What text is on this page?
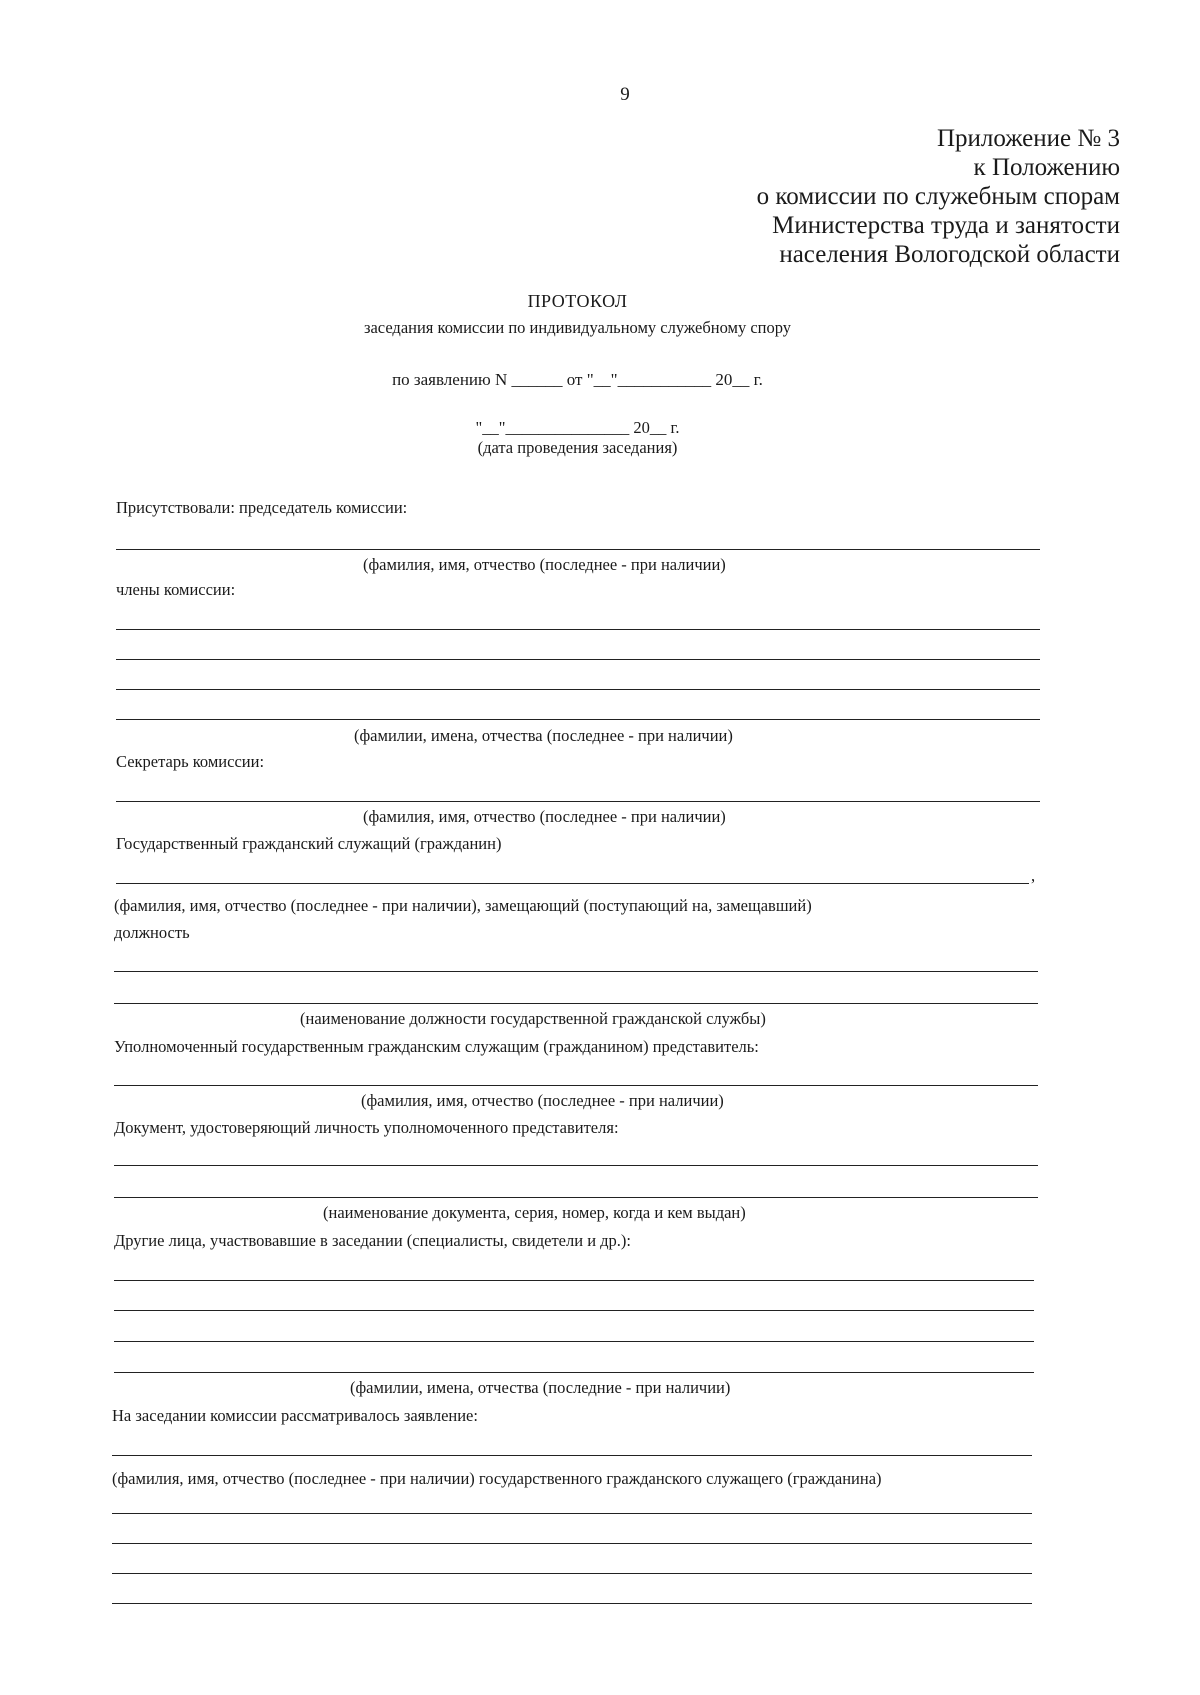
9
Приложение № 3
к Положению
о комиссии по служебным спорам
Министерства труда и занятости
населения Вологодской области
ПРОТОКОЛ
заседания комиссии по индивидуальному служебному спору
по заявлению N ______ от "__"___________ 20__ г.
"__"_______________ 20__ г.
(дата проведения заседания)
Присутствовали: председатель комиссии:
(фамилия, имя, отчество (последнее - при наличии)
члены комиссии:
(фамилии, имена, отчества (последнее - при наличии)
Секретарь комиссии:
(фамилия, имя, отчество (последнее - при наличии)
Государственный гражданский служащий (гражданин)
,
(фамилия, имя, отчество (последнее - при наличии), замещающий (поступающий на, замещавший)
должность
(наименование должности государственной гражданской службы)
Уполномоченный государственным гражданским служащим (гражданином) представитель:
(фамилия, имя, отчество (последнее - при наличии)
Документ, удостоверяющий личность уполномоченного представителя:
(наименование документа, серия, номер, когда и кем выдан)
Другие лица, участвовавшие в заседании (специалисты, свидетели и др.):
(фамилии, имена, отчества (последние - при наличии)
На заседании комиссии рассматривалось заявление:
(фамилия, имя, отчество (последнее - при наличии) государственного гражданского служащего (гражданина)
